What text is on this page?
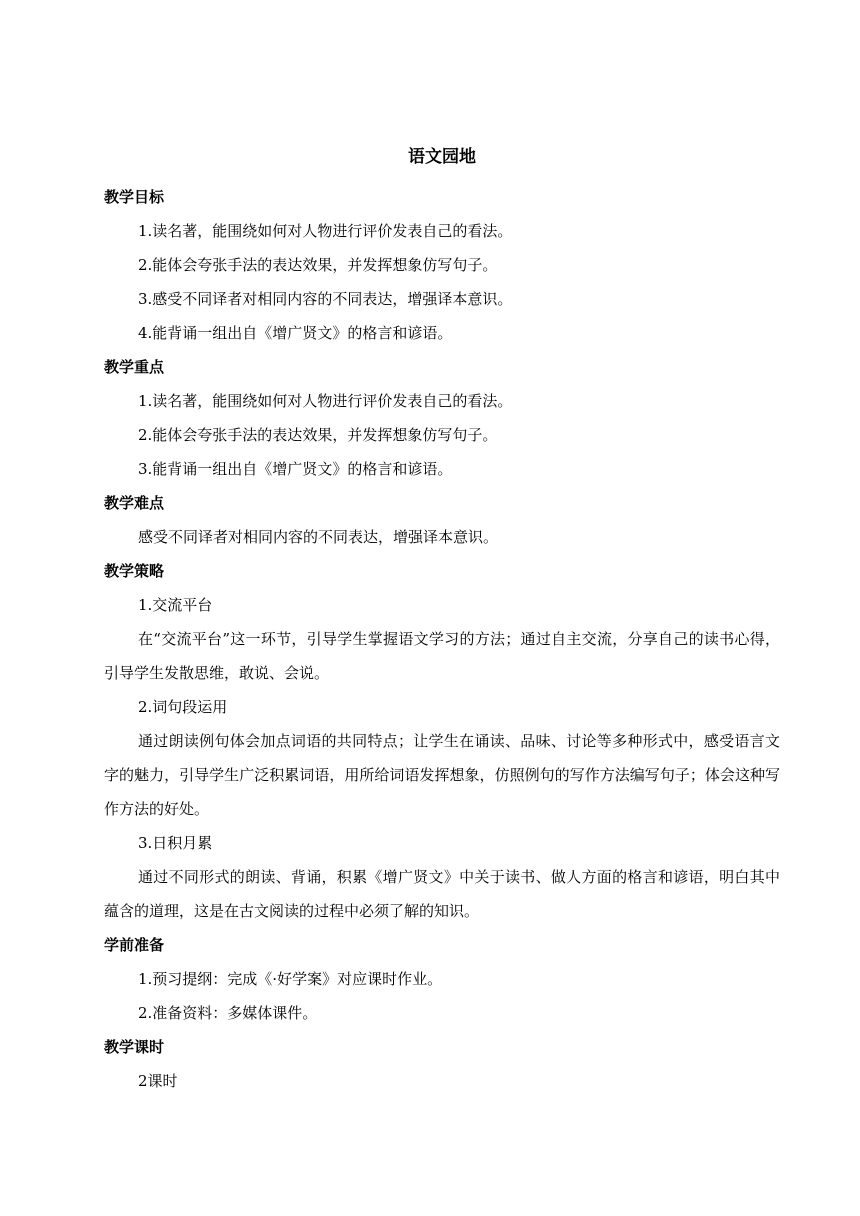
语文园地

教学目标

1.读名著，能围绕如何对人物进行评价发表自己的看法。

2.能体会夸张手法的表达效果，并发挥想象仿写句子。

3.感受不同译者对相同内容的不同表达，增强译本意识。

4.能背诵一组出自《增广贤文》的格言和谚语。

教学重点

1.读名著，能围绕如何对人物进行评价发表自己的看法。

2.能体会夸张手法的表达效果，并发挥想象仿写句子。

3.能背诵一组出自《增广贤文》的格言和谚语。

教学难点

感受不同译者对相同内容的不同表达，增强译本意识。

教学策略

1.交流平台

在“交流平台”这一环节，引导学生掌握语文学习的方法；通过自主交流，分享自己的读书心得，引导学生发散思维，敢说、会说。

2.词句段运用

通过朗读例句体会加点词语的共同特点；让学生在诵读、品味、讨论等多种形式中，感受语言文字的魅力，引导学生广泛积累词语，用所给词语发挥想象，仿照例句的写作方法编写句子；体会这种写作方法的好处。

3.日积月累

通过不同形式的朗读、背诵，积累《增广贤文》中关于读书、做人方面的格言和谚语，明白其中蕴含的道理，这是在古文阅读的过程中必须了解的知识。

学前准备

1.预习提纲：完成《·好学案》对应课时作业。

2.准备资料：多媒体课件。

教学课时

2课时
